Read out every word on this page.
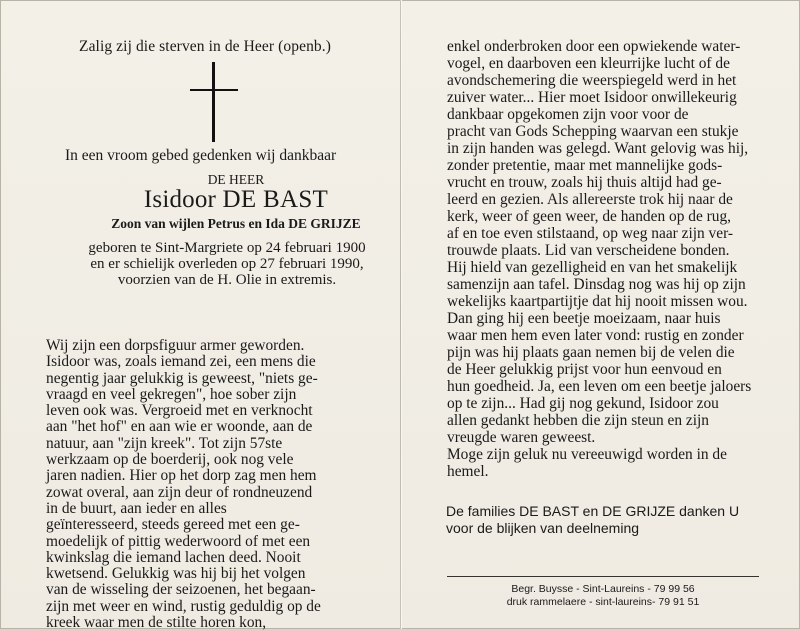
Zalig zij die sterven in de Heer (openb.)
In een vroom gebed gedenken wij dankbaar
DE HEER
Isidoor DE BAST
Zoon van wijlen Petrus en Ida DE GRIJZE
geboren te Sint-Margriete op 24 februari 1900
en er schielijk overleden op 27 februari 1990,
voorzien van de H. Olie in extremis.
Wij zijn een dorpsfiguur armer geworden.
Isidoor was, zoals iemand zei, een mens die
negentig jaar gelukkig is geweest, "niets ge-
vraagd en veel gekregen", hoe sober zijn
leven ook was. Vergroeid met en verknocht
aan "het hof" en aan wie er woonde, aan de
natuur, aan "zijn kreek". Tot zijn 57ste
werkzaam op de boerderij, ook nog vele
jaren nadien. Hier op het dorp zag men hem
zowat overal, aan zijn deur of rondneuzend
in de buurt, aan ieder en alles
geïnteresseerd, steeds gereed met een ge-
moedelijk of pittig wederwoord of met een
kwinkslag die iemand lachen deed. Nooit
kwetsend. Gelukkig was hij bij het volgen
van de wisseling der seizoenen, het begaan-
zijn met weer en wind, rustig geduldig op de
kreek waar men de stilte horen kon,
enkel onderbroken door een opwiekende water-
vogel, en daarboven een kleurrijke lucht of de
avondschemering die weerspiegeld werd in het
zuiver water... Hier moet Isidoor onwillekeurig
dankbaar opgekomen zijn voor voor de
pracht van Gods Schepping waarvan een stukje
in zijn handen was gelegd. Want gelovig was hij,
zonder pretentie, maar met mannelijke gods-
vrucht en trouw, zoals hij thuis altijd had ge-
leerd en gezien. Als allereerste trok hij naar de
kerk, weer of geen weer, de handen op de rug,
af en toe even stilstaand, op weg naar zijn ver-
trouwde plaats. Lid van verscheidene bonden.
Hij hield van gezelligheid en van het smakelijk
samenzijn aan tafel. Dinsdag nog was hij op zijn
wekelijks kaartpartijtje dat hij nooit missen wou.
Dan ging hij een beetje moeizaam, naar huis
waar men hem even later vond: rustig en zonder
pijn was hij plaats gaan nemen bij de velen die
de Heer gelukkig prijst voor hun eenvoud en
hun goedheid. Ja, een leven om een beetje jaloers
op te zijn... Had gij nog gekund, Isidoor zou
allen gedankt hebben die zijn steun en zijn
vreugde waren geweest.
Moge zijn geluk nu vereeuwigd worden in de
hemel.
De families DE BAST en DE GRIJZE danken U
voor de blijken van deelneming
Begr. Buysse - Sint-Laureins - 79 99 56
druk rammelaere - sint-laureins- 79 91 51
